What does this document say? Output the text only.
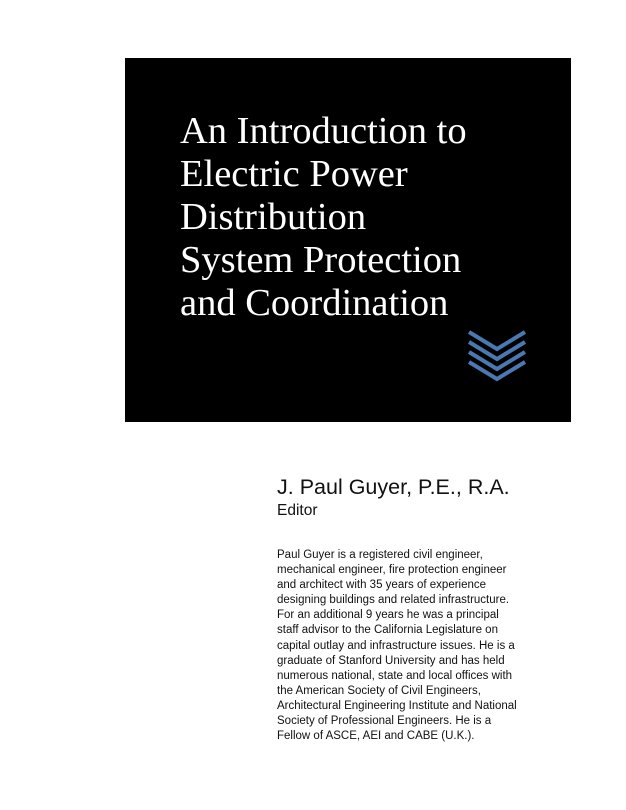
An Introduction to
Electric Power
Distribution
System Protection
and Coordination
J. Paul Guyer, P.E., R.A.
Editor
Paul Guyer is a registered civil engineer,
mechanical engineer, fire protection engineer
and architect with 35 years of experience
designing buildings and related infrastructure.
For an additional 9 years he was a principal
staff advisor to the California Legislature on
capital outlay and infrastructure issues. He is a
graduate of Stanford University and has held
numerous national, state and local offices with
the American Society of Civil Engineers,
Architectural Engineering Institute and National
Society of Professional Engineers. He is a
Fellow of ASCE, AEI and CABE (U.K.).
